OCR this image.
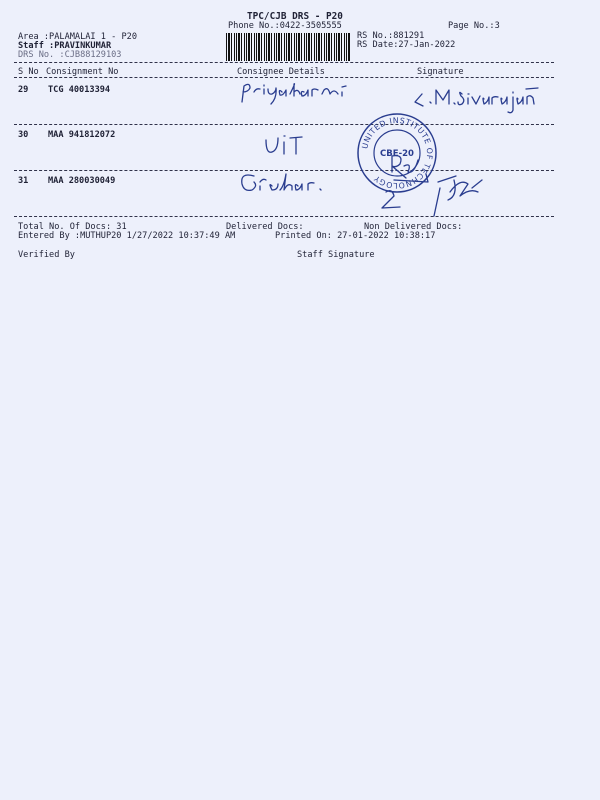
TPC/CJB DRS - P20
Phone No.:0422-3505555	Page No.:3
Area :PALAMALAI 1 - P20
Staff :PRAVINKUMAR
DRS No. :CJB88129103
RS No.:881291
RS Date:27-Jan-2022
S No Consignment No	Consignee Details	Signature
29 TCG 40013394
30 MAA 941812072
31 MAA 280030049
UNITED INSTITUTE OF TECHNOLOGY
CBE-20
Total No. Of Docs: 31	Delivered Docs:	Non Delivered Docs:
Entered By :MUTHUP20 1/27/2022 10:37:49 AM	Printed On: 27-01-2022 10:38:17
Verified By	Staff Signature
